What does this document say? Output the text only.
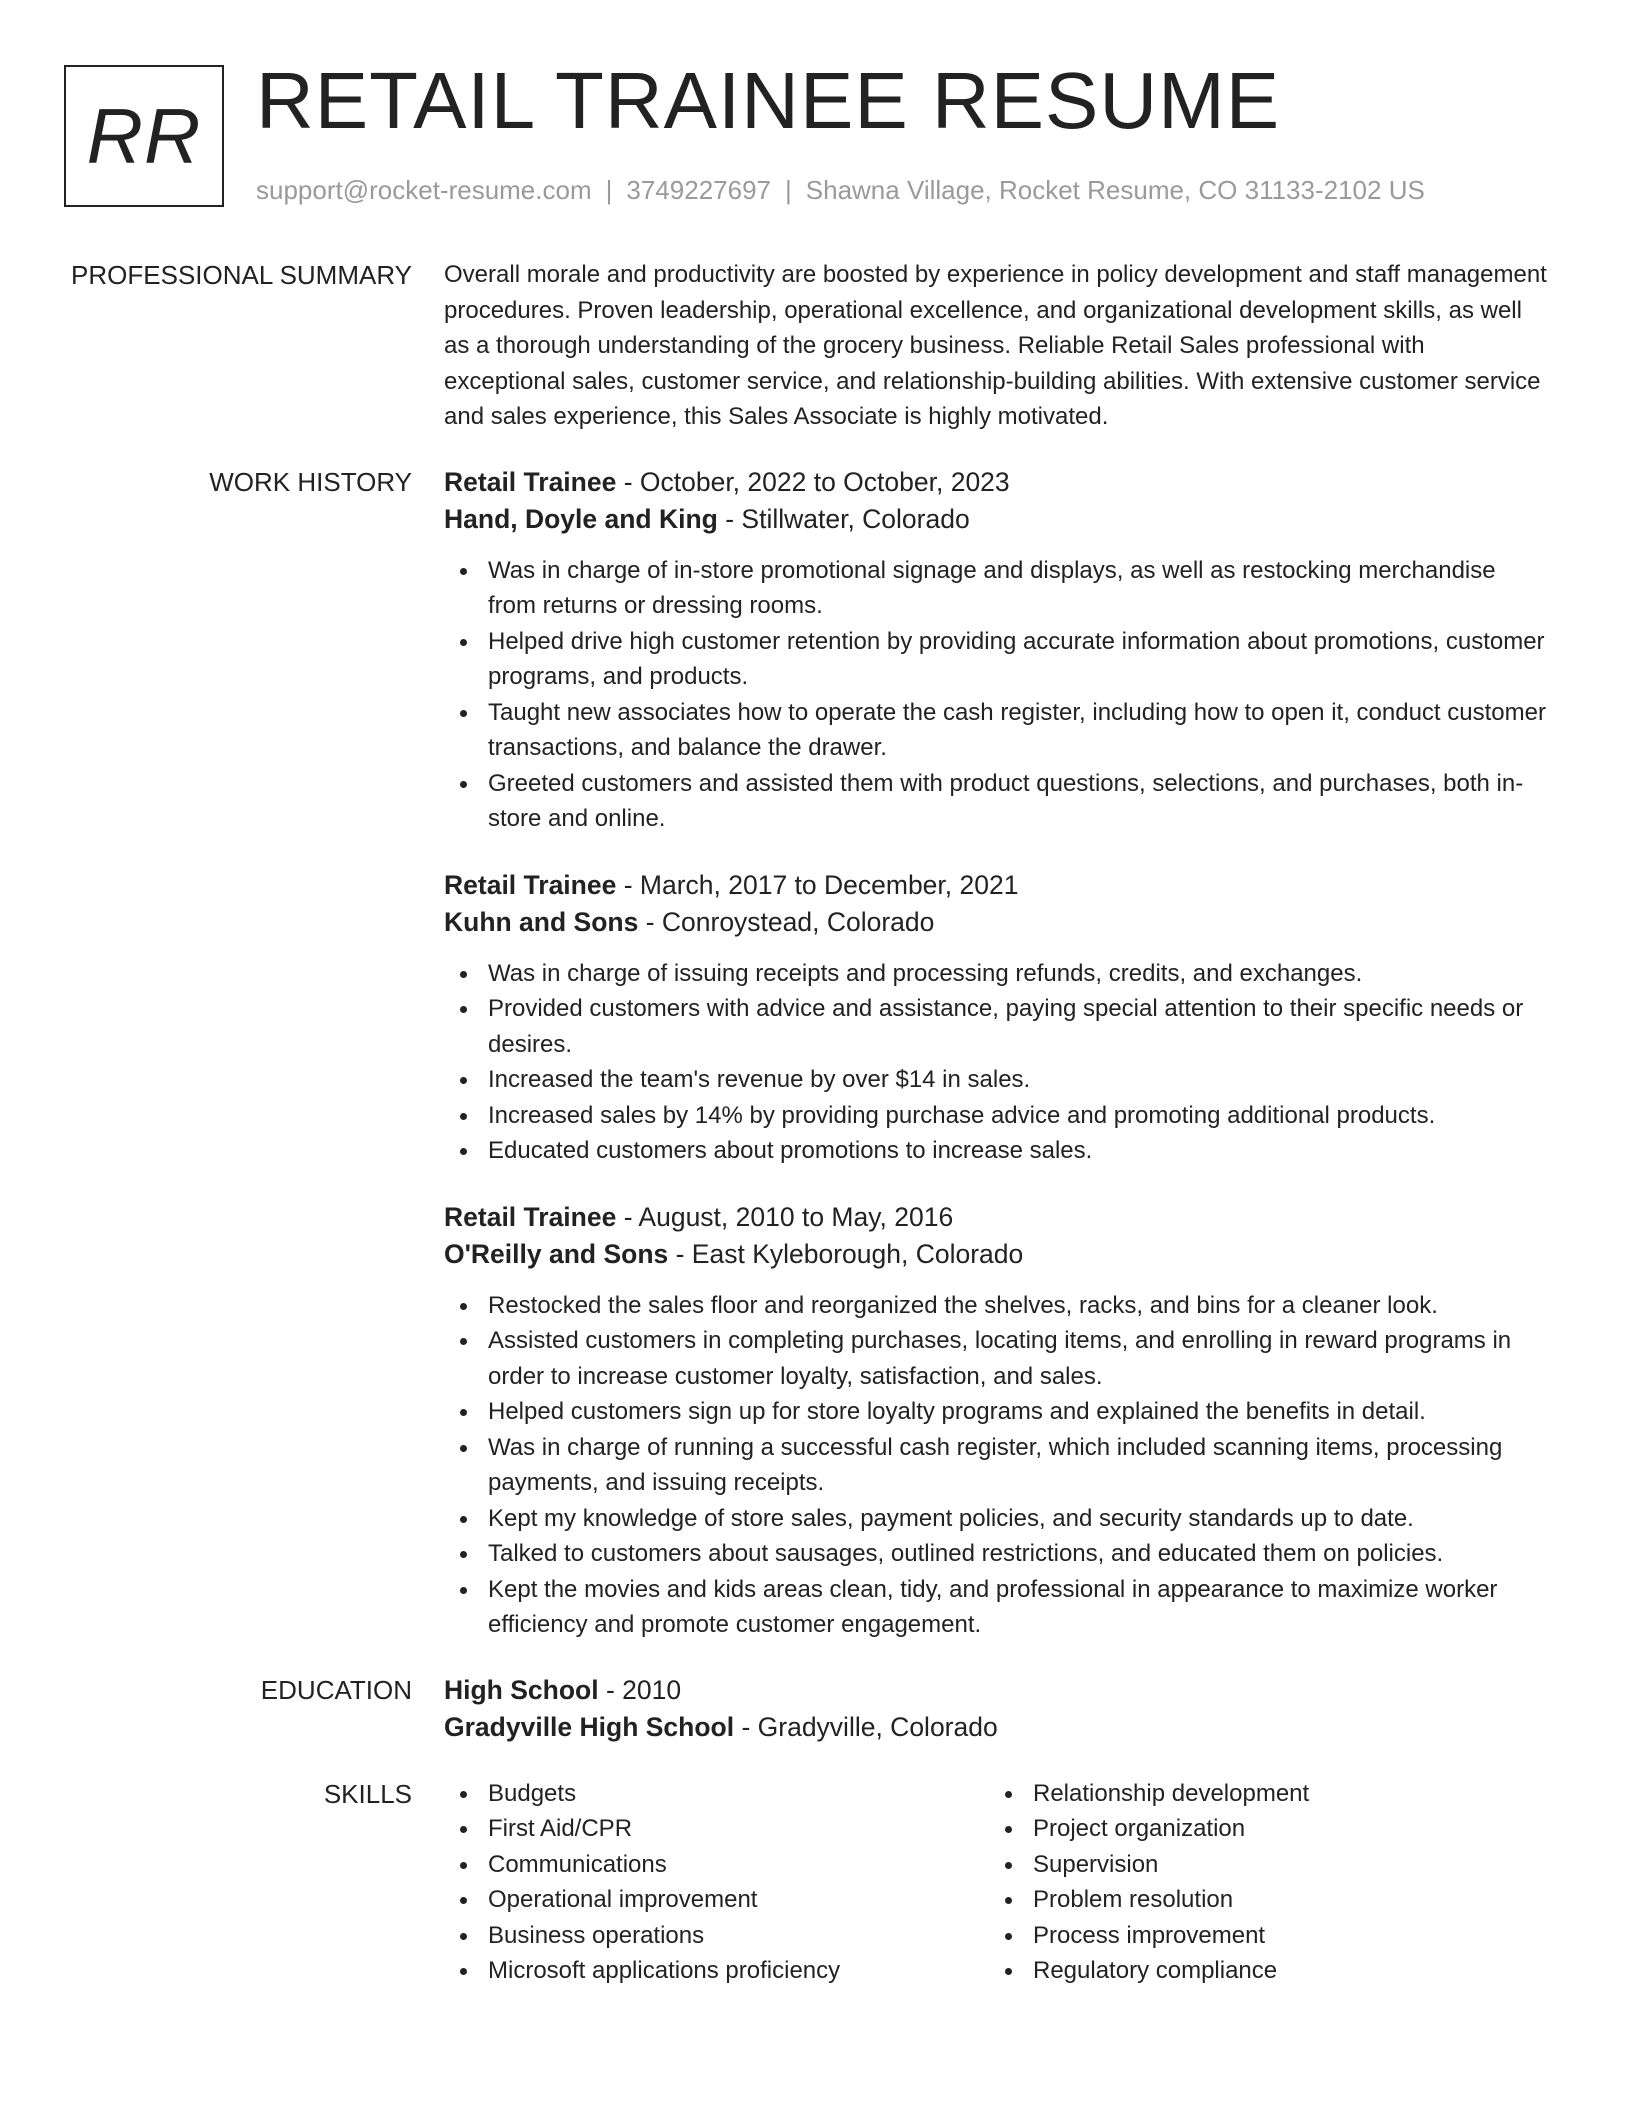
RR RETAIL TRAINEE RESUME
support@rocket-resume.com | 3749227697 | Shawna Village, Rocket Resume, CO 31133-2102 US
PROFESSIONAL SUMMARY Overall morale and productivity are boosted by experience in policy development and staff management procedures. Proven leadership, operational excellence, and organizational development skills, as well as a thorough understanding of the grocery business. Reliable Retail Sales professional with exceptional sales, customer service, and relationship-building abilities. With extensive customer service and sales experience, this Sales Associate is highly motivated.

WORK HISTORY Retail Trainee - October, 2022 to October, 2023
Hand, Doyle and King - Stillwater, Colorado
Was in charge of in-store promotional signage and displays, as well as restocking merchandise from returns or dressing rooms.
Helped drive high customer retention by providing accurate information about promotions, customer programs, and products.
Taught new associates how to operate the cash register, including how to open it, conduct customer transactions, and balance the drawer.
Greeted customers and assisted them with product questions, selections, and purchases, both in-store and online.
Retail Trainee - March, 2017 to December, 2021
Kuhn and Sons - Conroystead, Colorado
Was in charge of issuing receipts and processing refunds, credits, and exchanges.
Provided customers with advice and assistance, paying special attention to their specific needs or desires.
Increased the team's revenue by over $14 in sales.
Increased sales by 14% by providing purchase advice and promoting additional products.
Educated customers about promotions to increase sales.
Retail Trainee - August, 2010 to May, 2016
O'Reilly and Sons - East Kyleborough, Colorado
Restocked the sales floor and reorganized the shelves, racks, and bins for a cleaner look.
Assisted customers in completing purchases, locating items, and enrolling in reward programs in order to increase customer loyalty, satisfaction, and sales.
Helped customers sign up for store loyalty programs and explained the benefits in detail.
Was in charge of running a successful cash register, which included scanning items, processing payments, and issuing receipts.
Kept my knowledge of store sales, payment policies, and security standards up to date.
Talked to customers about sausages, outlined restrictions, and educated them on policies.
Kept the movies and kids areas clean, tidy, and professional in appearance to maximize worker efficiency and promote customer engagement.
EDUCATION High School - 2010
Gradyville High School - Gradyville, Colorado
SKILLS	Budgets
First Aid/CPR
Communications
Operational improvement
Business operations
Microsoft applications proficiency
Relationship development
Project organization
Supervision
Problem resolution
Process improvement
Regulatory compliance
